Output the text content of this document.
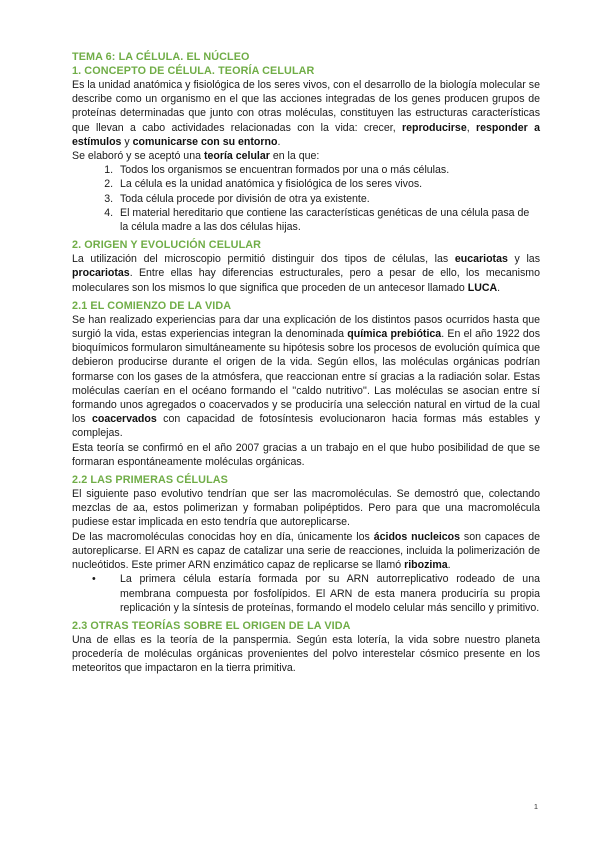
TEMA 6: LA CÉLULA. EL NÚCLEO
1. CONCEPTO DE CÉLULA. TEORÍA CELULAR

Es la unidad anatómica y fisiológica de los seres vivos, con el desarrollo de la biología molecular se describe como un organismo en el que las acciones integradas de los genes producen grupos de proteínas determinadas que junto con otras moléculas, constituyen las estructuras características que llevan a cabo actividades relacionadas con la vida: crecer, reproducirse, responder a estímulos y comunicarse con su entorno.

Se elaboró y se aceptó una teoría celular en la que:

1. Todos los organismos se encuentran formados por una o más células.
2. La célula es la unidad anatómica y fisiológica de los seres vivos.
3. Toda célula procede por división de otra ya existente.
4. El material hereditario que contiene las características genéticas de una célula pasa de la célula madre a las dos células hijas.
2. ORIGEN Y EVOLUCIÓN CELULAR

La utilización del microscopio permitió distinguir dos tipos de células, las eucariotas y las procariotas. Entre ellas hay diferencias estructurales, pero a pesar de ello, los mecanismo moleculares son los mismos lo que significa que proceden de un antecesor llamado LUCA.

2.1 EL COMIENZO DE LA VIDA

Se han realizado experiencias para dar una explicación de los distintos pasos ocurridos hasta que surgió la vida, estas experiencias integran la denominada química prebiótica. En el año 1922 dos bioquímicos formularon simultáneamente su hipótesis sobre los procesos de evolución química que debieron producirse durante el origen de la vida. Según ellos, las moléculas orgánicas podrían formarse con los gases de la atmósfera, que reaccionan entre sí gracias a la radiación solar. Estas moléculas caerían en el océano formando el ''caldo nutritivo''. Las moléculas se asocian entre sí formando unos agregados o coacervados y se produciría una selección natural en virtud de la cual los coacervados con capacidad de fotosíntesis evolucionaron hacia formas más estables y complejas.

Esta teoría se confirmó en el año 2007 gracias a un trabajo en el que hubo posibilidad de que se formaran espontáneamente moléculas orgánicas.

2.2 LAS PRIMERAS CÉLULAS

El siguiente paso evolutivo tendrían que ser las macromoléculas. Se demostró que, colectando mezclas de aa, estos polimerizan y formaban polipéptidos. Pero para que una macromolécula pudiese estar implicada en esto tendría que autoreplicarse.

De las macromoléculas conocidas hoy en día, únicamente los ácidos nucleicos son capaces de autoreplicarse. El ARN es capaz de catalizar una serie de reacciones, incluida la polimerización de nucleótidos. Este primer ARN enzimático capaz de replicarse se llamó ribozima.

• La primera célula estaría formada por su ARN autorreplicativo rodeado de una membrana compuesta por fosfolípidos. El ARN de esta manera produciría su propia replicación y la síntesis de proteínas, formando el modelo celular más sencillo y primitivo.
2.3 OTRAS TEORÍAS SOBRE EL ORIGEN DE LA VIDA

Una de ellas es la teoría de la panspermia. Según esta lotería, la vida sobre nuestro planeta procedería de moléculas orgánicas provenientes del polvo interestelar cósmico presente en los meteoritos que impactaron en la tierra primitiva.

1
